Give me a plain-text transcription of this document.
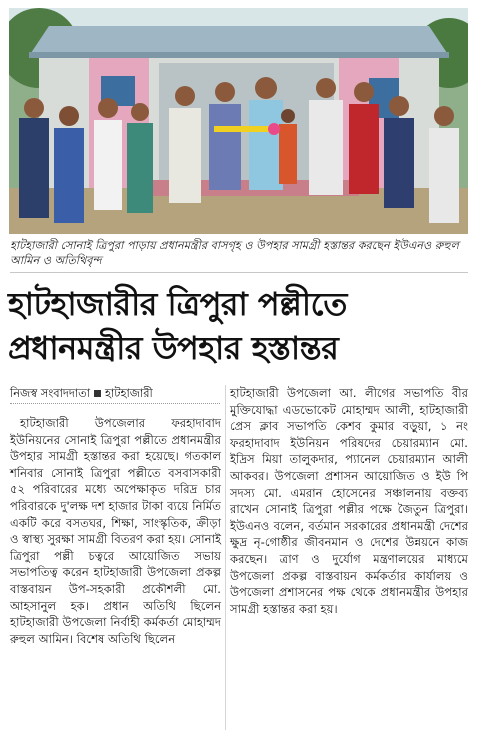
হাটহাজারী সোনাই ত্রিপুরা পাড়ায় প্রধানমন্ত্রীর বাসগৃহ ও উপহার সামগ্রী হস্তান্তর করছেন ইউএনও রুহুল আমিন ও অতিথিবৃন্দ
হাটহাজারীর ত্রিপুরা পল্লীতে
প্রধানমন্ত্রীর উপহার হস্তান্তর
নিজস্ব সংবাদদাতা হাটহাজারী
হাটহাজারী উপজেলার ফরহাদাবাদ ইউনিয়নের সোনাই ত্রিপুরা পল্লীতে প্রধানমন্ত্রীর উপহার সামগ্রী হস্তান্তর করা হয়েছে। গতকাল শনিবার সোনাই ত্রিপুরা পল্লীতে বসবাসকারী ৫২ পরিবারের মধ্যে অপেক্ষাকৃত দরিদ্র চার পরিবারকে দু'লক্ষ দশ হাজার টাকা ব্যয়ে নির্মিত একটি করে বসতঘর, শিক্ষা, সাংস্কৃতিক, ক্রীড়া ও স্বাস্থ্য সুরক্ষা সামগ্রী বিতরণ করা হয়। সোনাই ত্রিপুরা পল্লী চত্বরে আয়োজিত সভায় সভাপতিত্ব করেন হাটহাজারী উপজেলা প্রকল্প বাস্তবায়ন উপ-সহকারী প্রকৌশলী মো. আহসানুল হক। প্রধান অতিথি ছিলেন হাটহাজারী উপজেলা নির্বাহী কর্মকর্তা মোহাম্মদ রুহুল আমিন। বিশেষ অতিথি ছিলেন
হাটহাজারী উপজেলা আ. লীগের সভাপতি বীর মুক্তিযোদ্ধা এডভোকেট মোহাম্মদ আলী, হাটহাজারী প্রেস ক্লাব সভাপতি কেশব কুমার বড়ুয়া, ১ নং ফরহাদাবাদ ইউনিয়ন পরিষদের চেয়ারম্যান মো. ইদ্রিস মিয়া তালুকদার, প্যানেল চেয়ারম্যান আলী আকবর। উপজেলা প্রশাসন আয়োজিত ও ইউ পি সদস্য মো. এমরান হোসেনের সঞ্চালনায় বক্তব্য রাখেন সোনাই ত্রিপুরা পল্লীর পক্ষে জৈতুন ত্রিপুরা। ইউএনও বলেন, বর্তমান সরকারের প্রধানমন্ত্রী দেশের ক্ষুদ্র নৃ-গোষ্ঠীর জীবনমান ও দেশের উন্নয়নে কাজ করছেন। ত্রাণ ও দুর্যোগ মন্ত্রণালয়ের মাধ্যমে উপজেলা প্রকল্প বাস্তবায়ন কর্মকর্তার কার্যালয় ও উপজেলা প্রশাসনের পক্ষ থেকে প্রধানমন্ত্রীর উপহার সামগ্রী হস্তান্তর করা হয়।
